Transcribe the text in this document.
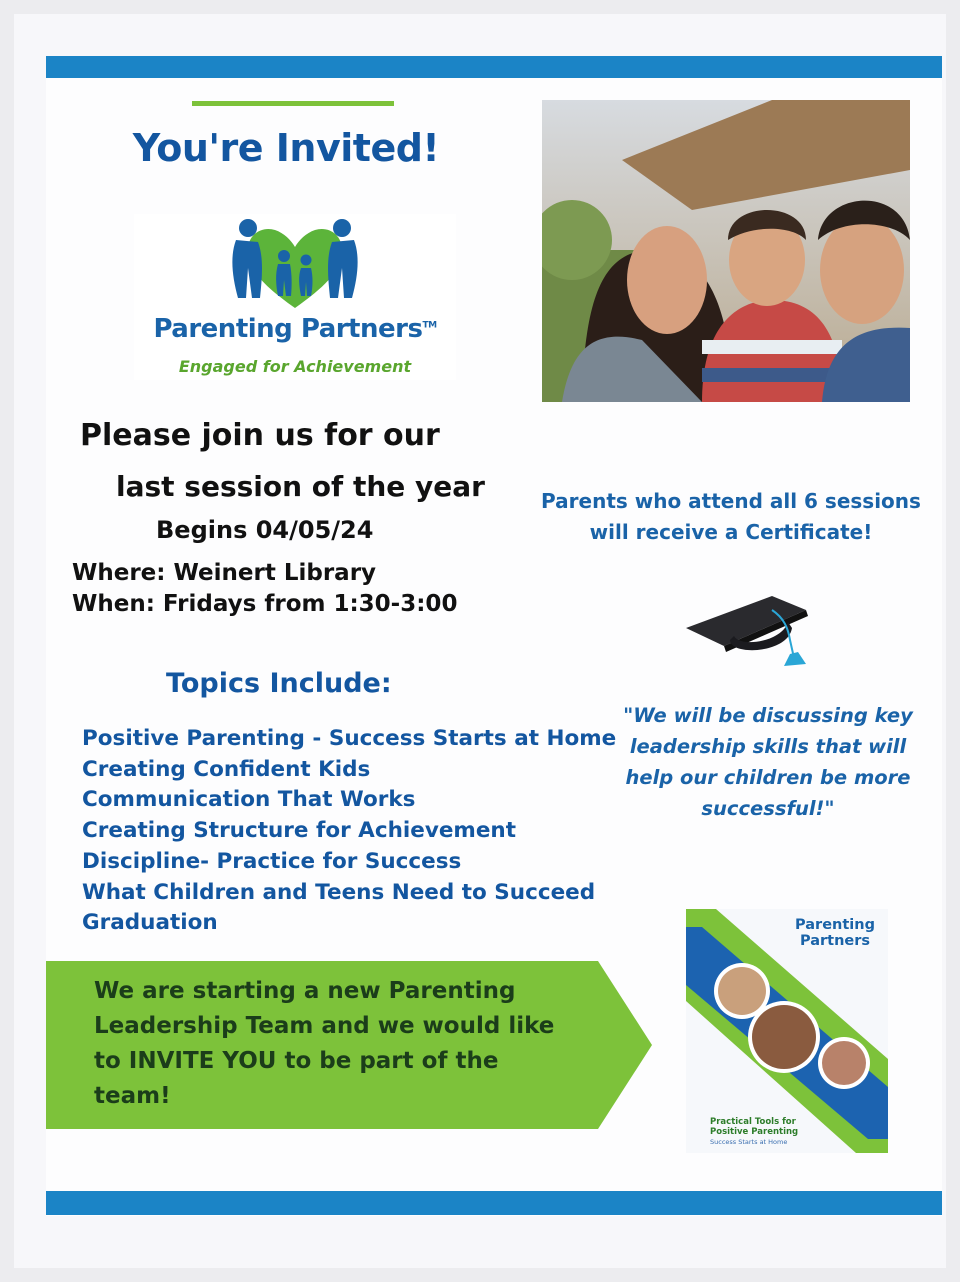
You're Invited!
Parenting Partners™
Engaged for Achievement
Please join us for our
last session of the year
Begins 04/05/24
Where: Weinert Library
When: Fridays from 1:30-3:00
Topics Include:
Positive Parenting - Success Starts at Home
Creating Confident Kids
Communication That Works
Creating Structure for Achievement
Discipline- Practice for Success
What Children and Teens Need to Succeed
Graduation
Parents who attend all 6 sessions
will receive a Certificate!
"We will be discussing key
leadership skills that will
help our children be more
successful!"
We are starting a new Parenting
Leadership Team and we would like
to INVITE YOU to be part of the
team!
Parenting
Partners
Practical Tools for
Positive Parenting
Success Starts at Home
